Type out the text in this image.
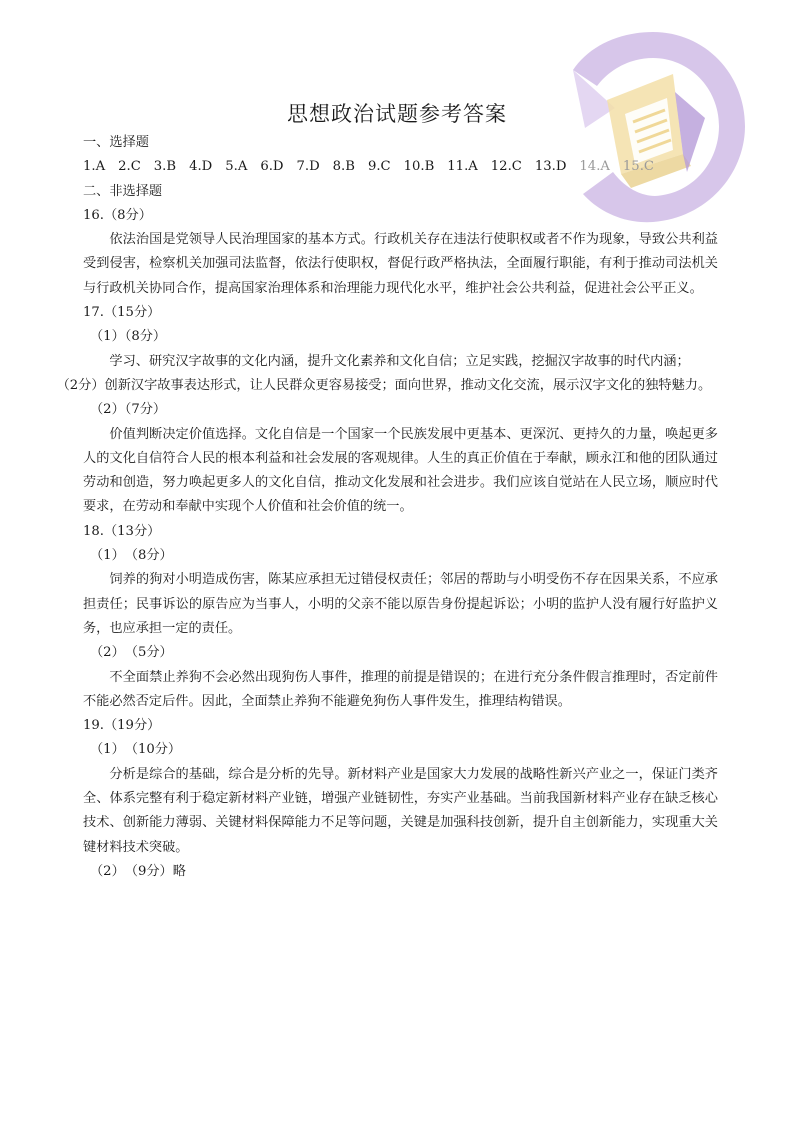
思想政治试题参考答案
一、选择题
1.A 2.C 3.B 4.D 5.A 6.D 7.D 8.B 9.C 10.B 11.A 12.C 13.D 14.A 15.C
二、非选择题
16.（8分）
依法治国是党领导人民治理国家的基本方式。行政机关存在违法行使职权或者不作为现象，导致公共利益受到侵害，检察机关加强司法监督，依法行使职权，督促行政严格执法，全面履行职能，有利于推动司法机关与行政机关协同合作，提高国家治理体系和治理能力现代化水平，维护社会公共利益，促进社会公平正义。
17.（15分）
（1）（8分）
学习、研究汉字故事的文化内涵，提升文化素养和文化自信；立足实践，挖掘汉字故事的时代内涵；
（2分）创新汉字故事表达形式，让人民群众更容易接受；面向世界，推动文化交流，展示汉字文化的独特魅力。
（2）（7分）
价值判断决定价值选择。文化自信是一个国家一个民族发展中更基本、更深沉、更持久的力量，唤起更多人的文化自信符合人民的根本利益和社会发展的客观规律。人生的真正价值在于奉献，顾永江和他的团队通过劳动和创造，努力唤起更多人的文化自信，推动文化发展和社会进步。我们应该自觉站在人民立场，顺应时代要求，在劳动和奉献中实现个人价值和社会价值的统一。
18.（13分）
（1）　（8分）
饲养的狗对小明造成伤害，陈某应承担无过错侵权责任；邻居的帮助与小明受伤不存在因果关系，不应承担责任；民事诉讼的原告应为当事人，小明的父亲不能以原告身份提起诉讼；小明的监护人没有履行好监护义务，也应承担一定的责任。
（2）　（5分）
不全面禁止养狗不会必然出现狗伤人事件，推理的前提是错误的；在进行充分条件假言推理时，否定前件不能必然否定后件。因此，全面禁止养狗不能避免狗伤人事件发生，推理结构错误。
19.（19分）
（1）　（10分）
分析是综合的基础，综合是分析的先导。新材料产业是国家大力发展的战略性新兴产业之一，保证门类齐全、体系完整有利于稳定新材料产业链，增强产业链韧性，夯实产业基础。当前我国新材料产业存在缺乏核心技术、创新能力薄弱、关键材料保障能力不足等问题，关键是加强科技创新，提升自主创新能力，实现重大关键材料技术突破。
（2）　（9分）略
